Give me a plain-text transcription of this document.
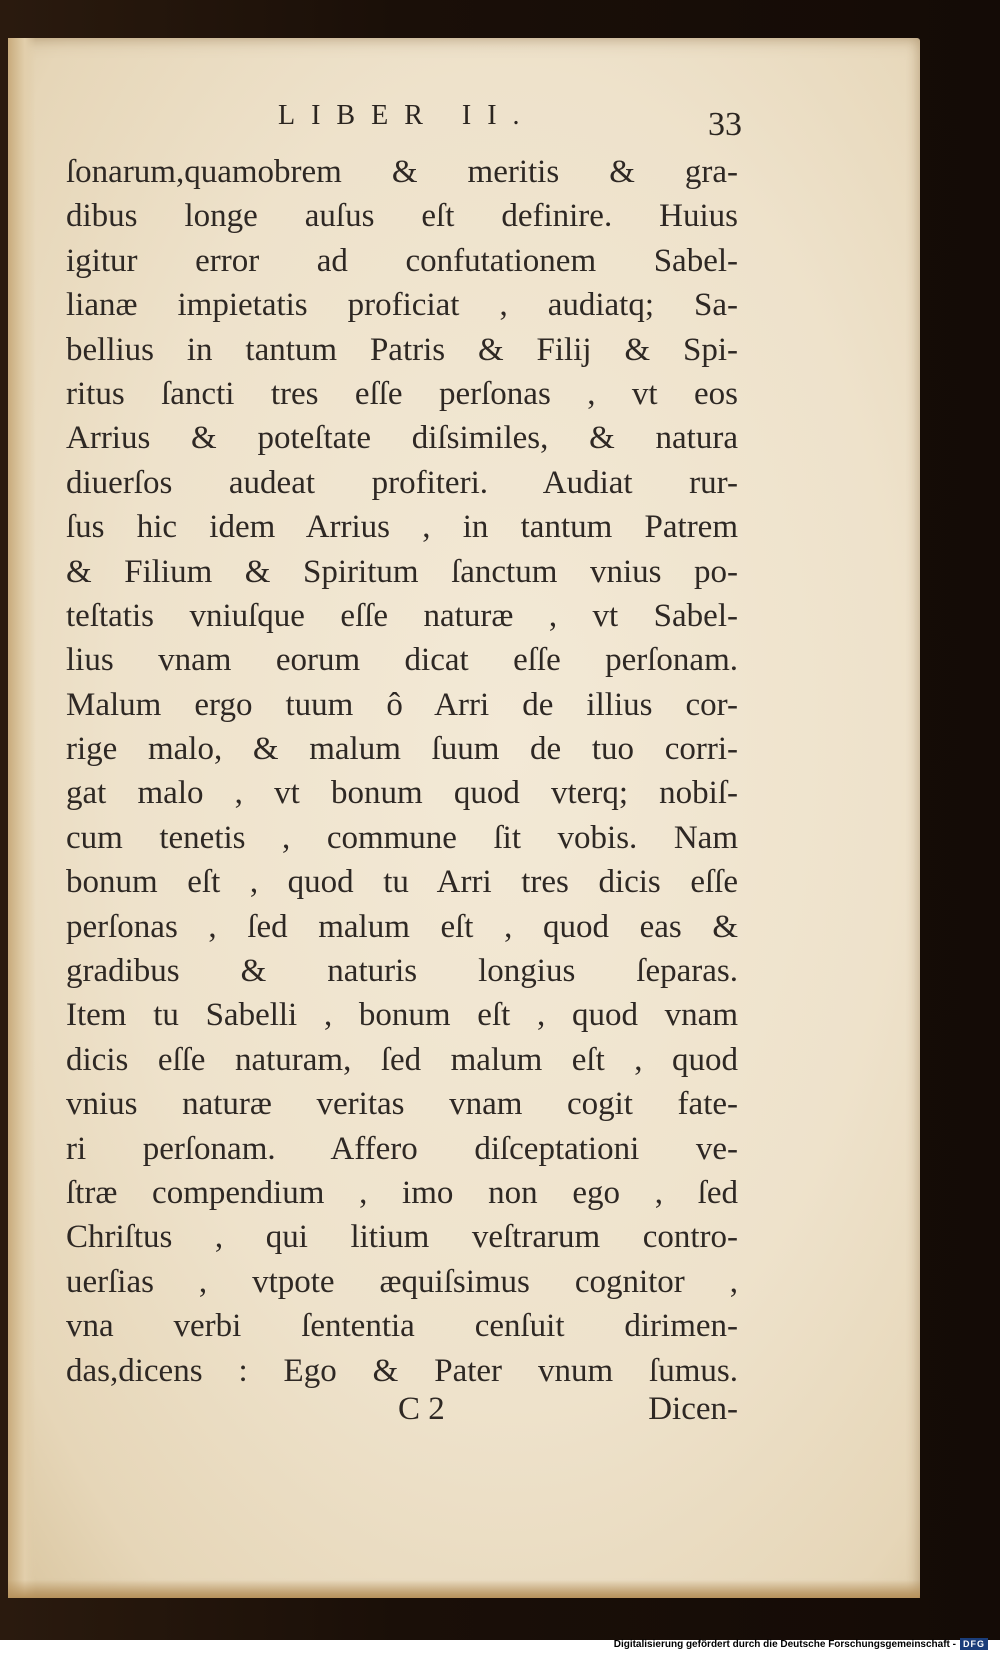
LIBER II.	33
ſonarum,quamobrem & meritis & gra-
dibus longe auſus eſt definire. Huius
igitur error ad confutationem Sabel-
lianæ impietatis proficiat , audiatq; Sa-
bellius in tantum Patris & Filij & Spi-
ritus ſancti tres eſſe perſonas , vt eos
Arrius & poteſtate diſsimiles, & natura
diuerſos audeat profiteri. Audiat rur-
ſus hic idem Arrius , in tantum Patrem
& Filium & Spiritum ſanctum vnius po-
teſtatis vniuſque eſſe naturæ , vt Sabel-
lius vnam eorum dicat eſſe perſonam.
Malum ergo tuum ô Arri de illius cor-
rige malo, & malum ſuum de tuo corri-
gat malo , vt bonum quod vterq; nobiſ-
cum tenetis , commune ſit vobis. Nam
bonum eſt , quod tu Arri tres dicis eſſe
perſonas , ſed malum eſt , quod eas &
gradibus & naturis longius ſeparas.
Item tu Sabelli , bonum eſt , quod vnam
dicis eſſe naturam, ſed malum eſt , quod
vnius naturæ veritas vnam cogit fate-
ri perſonam. Affero diſceptationi ve-
ſtræ compendium , imo non ego , ſed
Chriſtus , qui litium veſtrarum contro-
uerſias , vtpote æquiſsimus cognitor ,
vna verbi ſententia cenſuit dirimen-
das,dicens : Ego & Pater vnum ſumus.
C 2	Dicen-
Digitalisierung gefördert durch die Deutsche Forschungsgemeinschaft - DFG
